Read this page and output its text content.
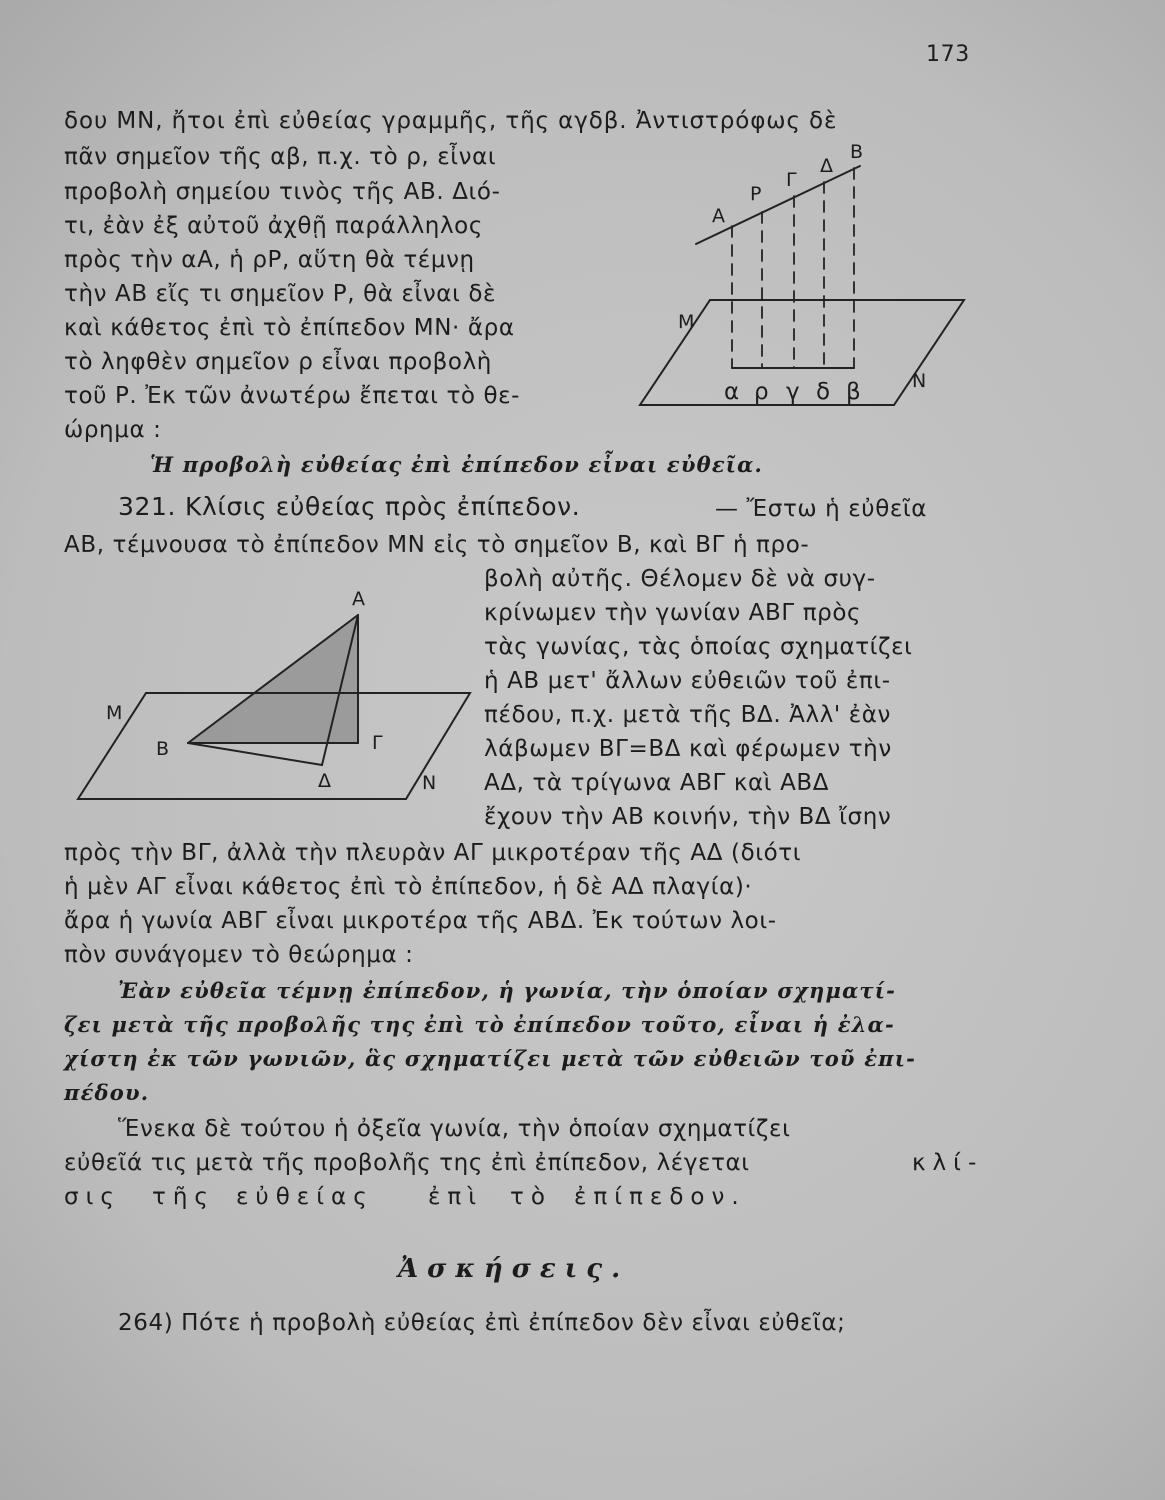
173
δου ΜΝ, ἤτοι ἐπὶ εὐθείας γραμμῆς, τῆς αγδβ. Ἀντιστρόφως δὲ
πᾶν σημεῖον τῆς αβ, π.χ. τὸ ρ, εἶναι
προβολὴ σημείου τινὸς τῆς ΑΒ. Διό-
τι, ἐὰν ἐξ αὐτοῦ ἀχθῇ παράλληλος
πρὸς τὴν αΑ, ἡ ρΡ, αὕτη θὰ τέμνῃ
τὴν ΑΒ εἴς τι σημεῖον Ρ, θὰ εἶναι δὲ
καὶ κάθετος ἐπὶ τὸ ἐπίπεδον ΜΝ· ἄρα
τὸ ληφθὲν σημεῖον ρ εἶναι προβολὴ
τοῦ Ρ. Ἐκ τῶν ἀνωτέρω ἔπεται τὸ θε-
ώρημα :
Ἡ προβολὴ εὐθείας ἐπὶ ἐπίπεδον εἶναι εὐθεῖα.
321. Κλίσις εὐθείας πρὸς ἐπίπεδον.	— Ἔστω ἡ εὐθεῖα
ΑΒ, τέμνουσα τὸ ἐπίπεδον ΜΝ εἰς τὸ σημεῖον Β, καὶ ΒΓ ἡ προ-
βολὴ αὐτῆς. Θέλομεν δὲ νὰ συγ-
κρίνωμεν τὴν γωνίαν ΑΒΓ πρὸς
τὰς γωνίας, τὰς ὁποίας σχηματίζει
ἡ ΑΒ μετ' ἄλλων εὐθειῶν τοῦ ἐπι-
πέδου, π.χ. μετὰ τῆς ΒΔ. Ἀλλ' ἐὰν
λάβωμεν ΒΓ=ΒΔ καὶ φέρωμεν τὴν
ΑΔ, τὰ τρίγωνα ΑΒΓ καὶ ΑΒΔ
ἔχουν τὴν ΑΒ κοινήν, τὴν ΒΔ ἴσην
πρὸς τὴν ΒΓ, ἀλλὰ τὴν πλευρὰν ΑΓ μικροτέραν τῆς ΑΔ (διότι
ἡ μὲν ΑΓ εἶναι κάθετος ἐπὶ τὸ ἐπίπεδον, ἡ δὲ ΑΔ πλαγία)·
ἄρα ἡ γωνία ΑΒΓ εἶναι μικροτέρα τῆς ΑΒΔ. Ἐκ τούτων λοι-
πὸν συνάγομεν τὸ θεώρημα :
Ἐὰν εὐθεῖα τέμνῃ ἐπίπεδον, ἡ γωνία, τὴν ὁποίαν σχηματί-
ζει μετὰ τῆς προβολῆς της ἐπὶ τὸ ἐπίπεδον τοῦτο, εἶναι ἡ ἐλα-
χίστη ἐκ τῶν γωνιῶν, ἃς σχηματίζει μετὰ τῶν εὐθειῶν τοῦ ἐπι-
πέδου.
Ἕνεκα δὲ τούτου ἡ ὀξεῖα γωνία, τὴν ὁποίαν σχηματίζει
εὐθεῖά τις μετὰ τῆς προβολῆς της ἐπὶ ἐπίπεδον, λέγεται	κλί-
σις τῆς εὐθείας ἐπὶ τὸ ἐπίπεδον.
Ἀσκήσεις.
264) Πότε ἡ προβολὴ εὐθείας ἐπὶ ἐπίπεδον δὲν εἶναι εὐθεῖα;
Α
Ρ
Γ
Δ
Β
Μ
Ν
α ρ γ δ β
Α
Μ
Β	Γ
Δ	Ν
